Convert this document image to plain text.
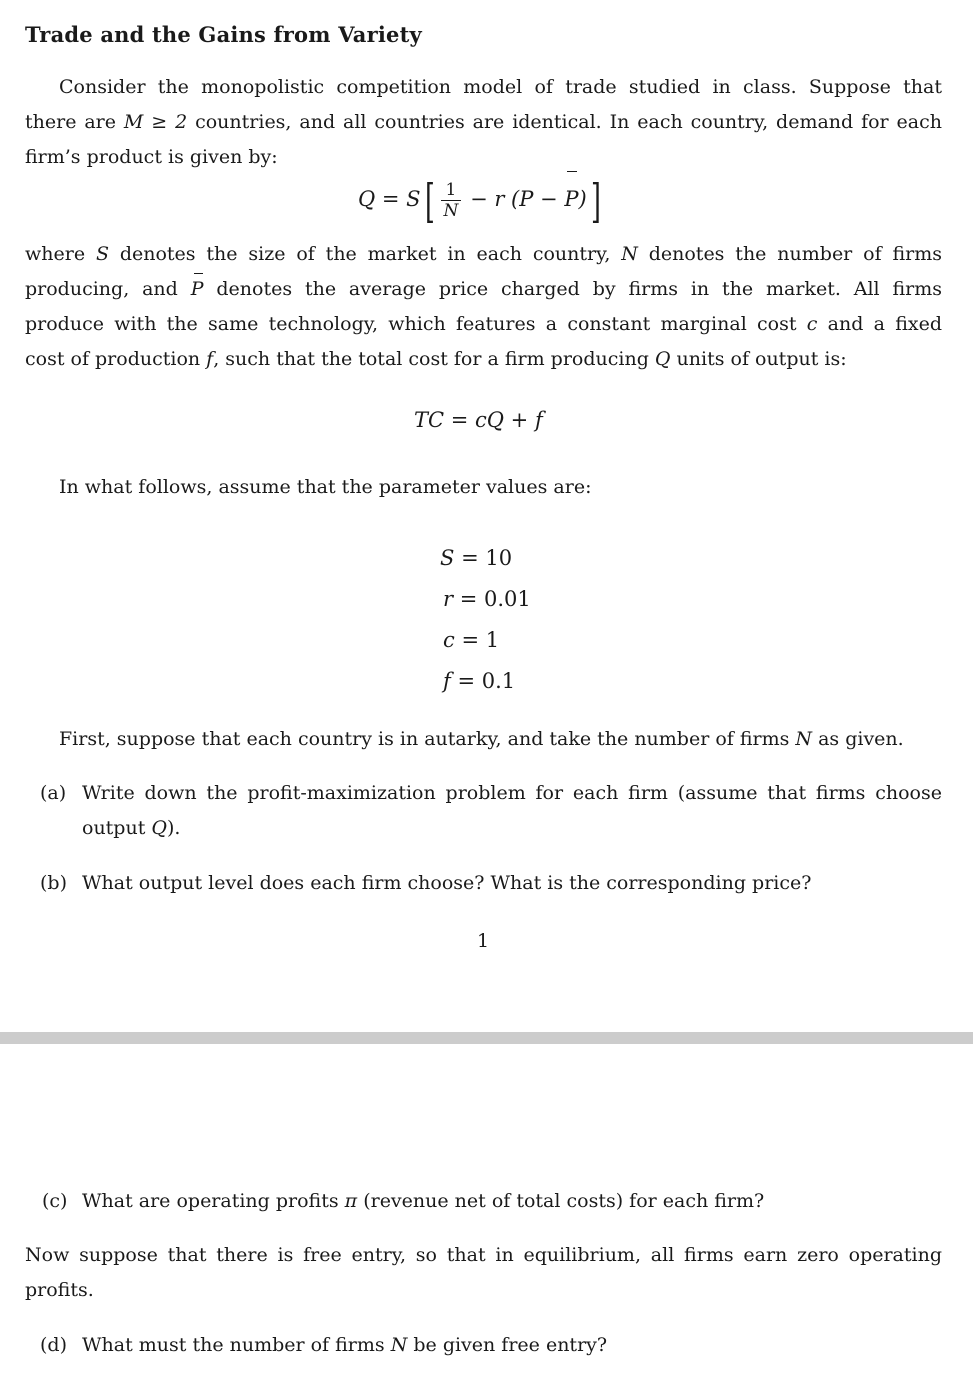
Trade and the Gains from Variety
Consider the monopolistic competition model of trade studied in class. Suppose that
there are M ≥ 2 countries, and all countries are identical. In each country, demand for each
firm’s product is given by:
$Q = S[ \frac{1}{N} - r$ (P − P)]
where S denotes the size of the market in each country, N denotes the number of firms
producing, and P denotes the average price charged by firms in the market. All firms
produce with the same technology, which features a constant marginal cost c and a fixed
cost of production f, such that the total cost for a firm producing Q units of output is:
TC = cQ + f
In what follows, assume that the parameter values are:
S = 10
r = 0.01
c = 1
f = 0.1
First, suppose that each country is in autarky, and take the number of firms N as given.
(a) Write down the profit-maximization problem for each firm (assume that firms choose
output Q).
(b) What output level does each firm choose? What is the corresponding price?
1
(c) What are operating profits π (revenue net of total costs) for each firm?
Now suppose that there is free entry, so that in equilibrium, all firms earn zero operating
profits.
(d) What must the number of firms N be given free entry?
